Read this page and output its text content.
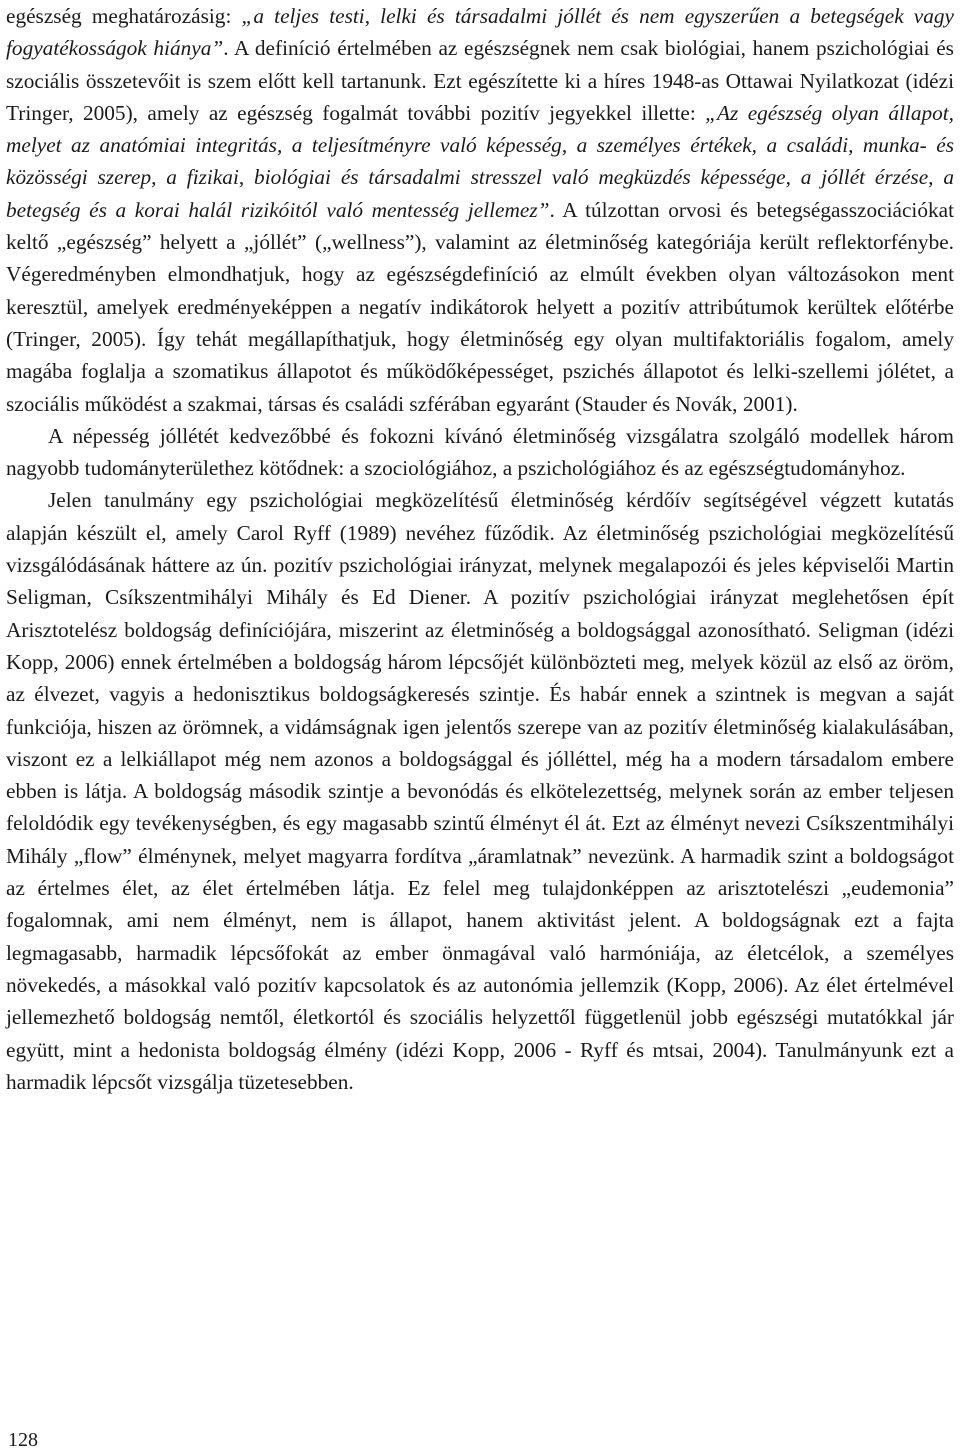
egészség meghatározásig: „a teljes testi, lelki és társadalmi jóllét és nem egyszerűen a betegségek vagy fogyatékosságok hiánya”. A definíció értelmében az egészségnek nem csak biológiai, hanem pszichológiai és szociális összetevőit is szem előtt kell tartanunk. Ezt egészítette ki a híres 1948-as Ottawai Nyilatkozat (idézi Tringer, 2005), amely az egészség fogalmát további pozitív jegyekkel illette: „Az egészség olyan állapot, melyet az anatómiai integritás, a teljesítményre való képesség, a személyes értékek, a családi, munka- és közösségi szerep, a fizikai, biológiai és társadalmi stresszel való megküzdés képessége, a jóllét érzése, a betegség és a korai halál rizikóitól való mentesség jellemez”. A túlzottan orvosi és betegségasszociációkat keltő „egészség” helyett a „jóllét” („wellness”), valamint az életminőség kategóriája került reflektorfénybe. Végeredményben elmondhatjuk, hogy az egészségdefiníció az elmúlt években olyan változásokon ment keresztül, amelyek eredményeképpen a negatív indikátorok helyett a pozitív attribútumok kerültek előtérbe (Tringer, 2005). Így tehát megállapíthatjuk, hogy életminőség egy olyan multifaktoriális fogalom, amely magába foglalja a szomatikus állapotot és működőképességet, pszichés állapotot és lelki-szellemi jólétet, a szociális működést a szakmai, társas és családi szférában egyaránt (Stauder és Novák, 2001).

A népesség jóllétét kedvezőbbé és fokozni kívánó életminőség vizsgálatra szolgáló modellek három nagyobb tudományterülethez kötődnek: a szociológiához, a pszichológiához és az egészségtudományhoz.

Jelen tanulmány egy pszichológiai megközelítésű életminőség kérdőív segítségével végzett kutatás alapján készült el, amely Carol Ryff (1989) nevéhez fűződik. Az életminőség pszichológiai megközelítésű vizsgálódásának háttere az ún. pozitív pszichológiai irányzat, melynek megalapozói és jeles képviselői Martin Seligman, Csíkszentmihályi Mihály és Ed Diener. A pozitív pszichológiai irányzat meglehetősen épít Arisztotelész boldogság definíciójára, miszerint az életminőség a boldogsággal azonosítható. Seligman (idézi Kopp, 2006) ennek értelmében a boldogság három lépcsőjét különbözteti meg, melyek közül az első az öröm, az élvezet, vagyis a hedonisztikus boldogságkeresés szintje. És habár ennek a szintnek is megvan a saját funkciója, hiszen az örömnek, a vidámságnak igen jelentős szerepe van az pozitív életminőség kialakulásában, viszont ez a lelkiállapot még nem azonos a boldogsággal és jólléttel, még ha a modern társadalom embere ebben is látja. A boldogság második szintje a bevonódás és elkötelezettség, melynek során az ember teljesen feloldódik egy tevékenységben, és egy magasabb szintű élményt él át. Ezt az élményt nevezi Csíkszentmihályi Mihály „flow” élménynek, melyet magyarra fordítva „áramlatnak” nevezünk. A harmadik szint a boldogságot az értelmes élet, az élet értelmében látja. Ez felel meg tulajdonképpen az arisztotelészi „eudemonia” fogalomnak, ami nem élményt, nem is állapot, hanem aktivitást jelent. A boldogságnak ezt a fajta legmagasabb, harmadik lépcsőfokát az ember önmagával való harmóniája, az életcélok, a személyes növekedés, a másokkal való pozitív kapcsolatok és az autonómia jellemzik (Kopp, 2006). Az élet értelmével jellemezhető boldogság nemtől, életkortól és szociális helyzettől függetlenül jobb egészségi mutatókkal jár együtt, mint a hedonista boldogság élmény (idézi Kopp, 2006 - Ryff és mtsai, 2004). Tanulmányunk ezt a harmadik lépcsőt vizsgálja tüzetesebben.

128
